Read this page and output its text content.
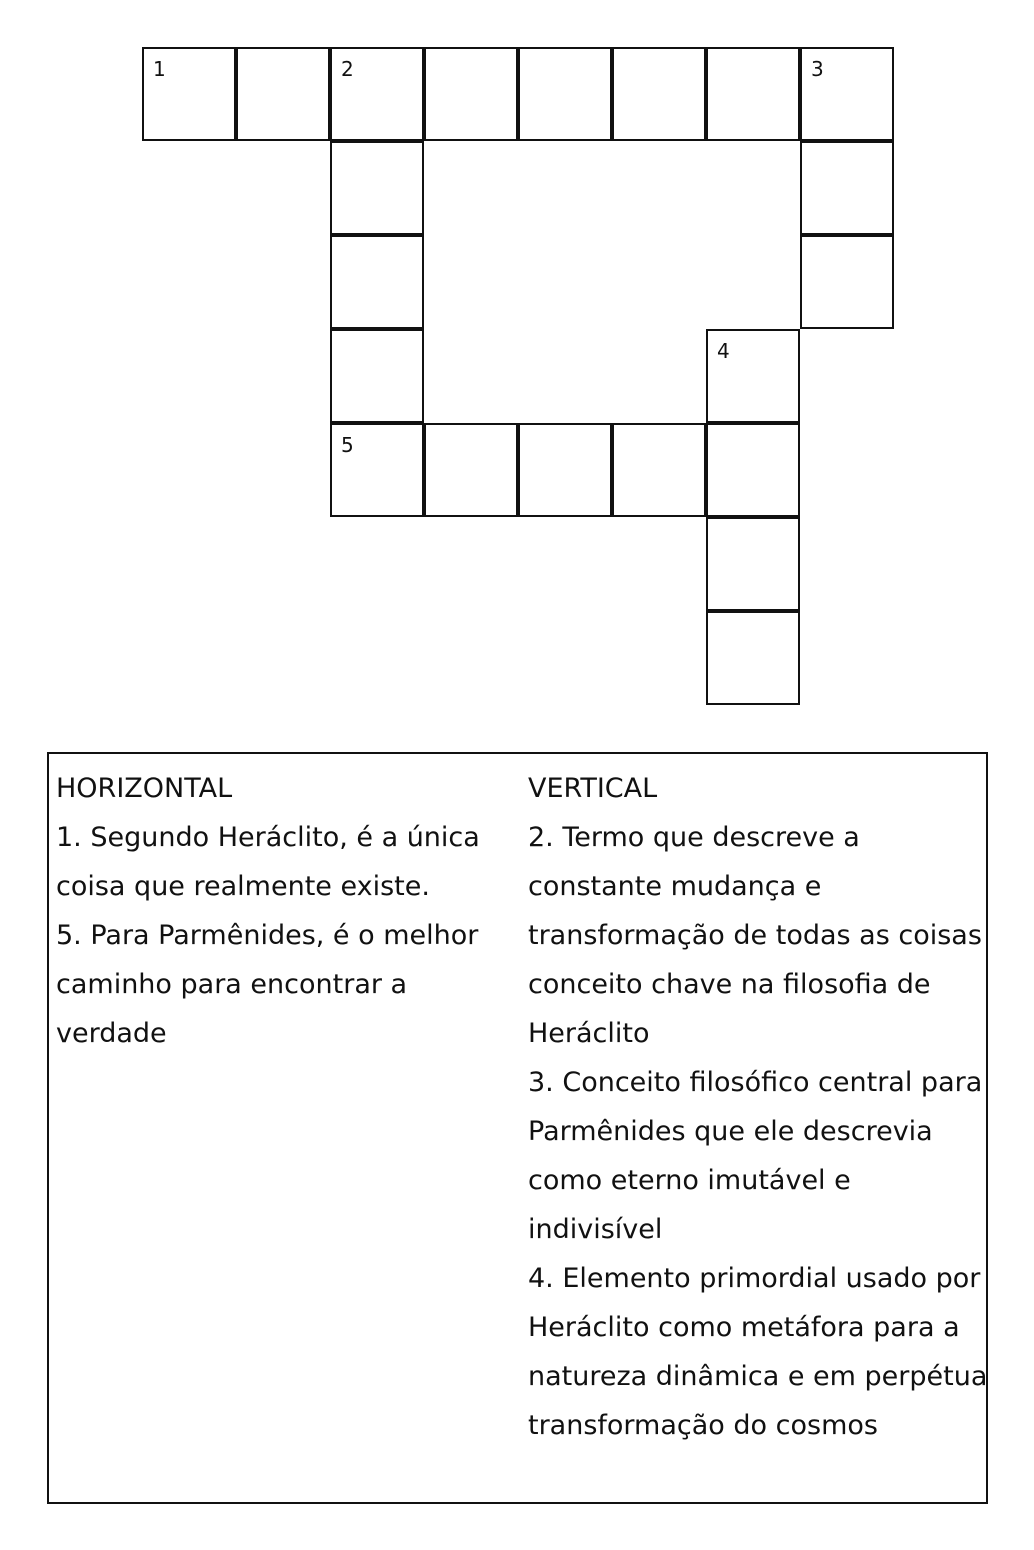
1	2	3
4
5
HORIZONTAL
1. Segundo Heráclito, é a única
coisa que realmente existe.
5. Para Parmênides, é o melhor
caminho para encontrar a
verdade
VERTICAL
2. Termo que descreve a
constante mudança e
transformação de todas as coisas
conceito chave na filosofia de
Heráclito
3. Conceito filosófico central para
Parmênides que ele descrevia
como eterno imutável e
indivisível
4. Elemento primordial usado por
Heráclito como metáfora para a
natureza dinâmica e em perpétua
transformação do cosmos
